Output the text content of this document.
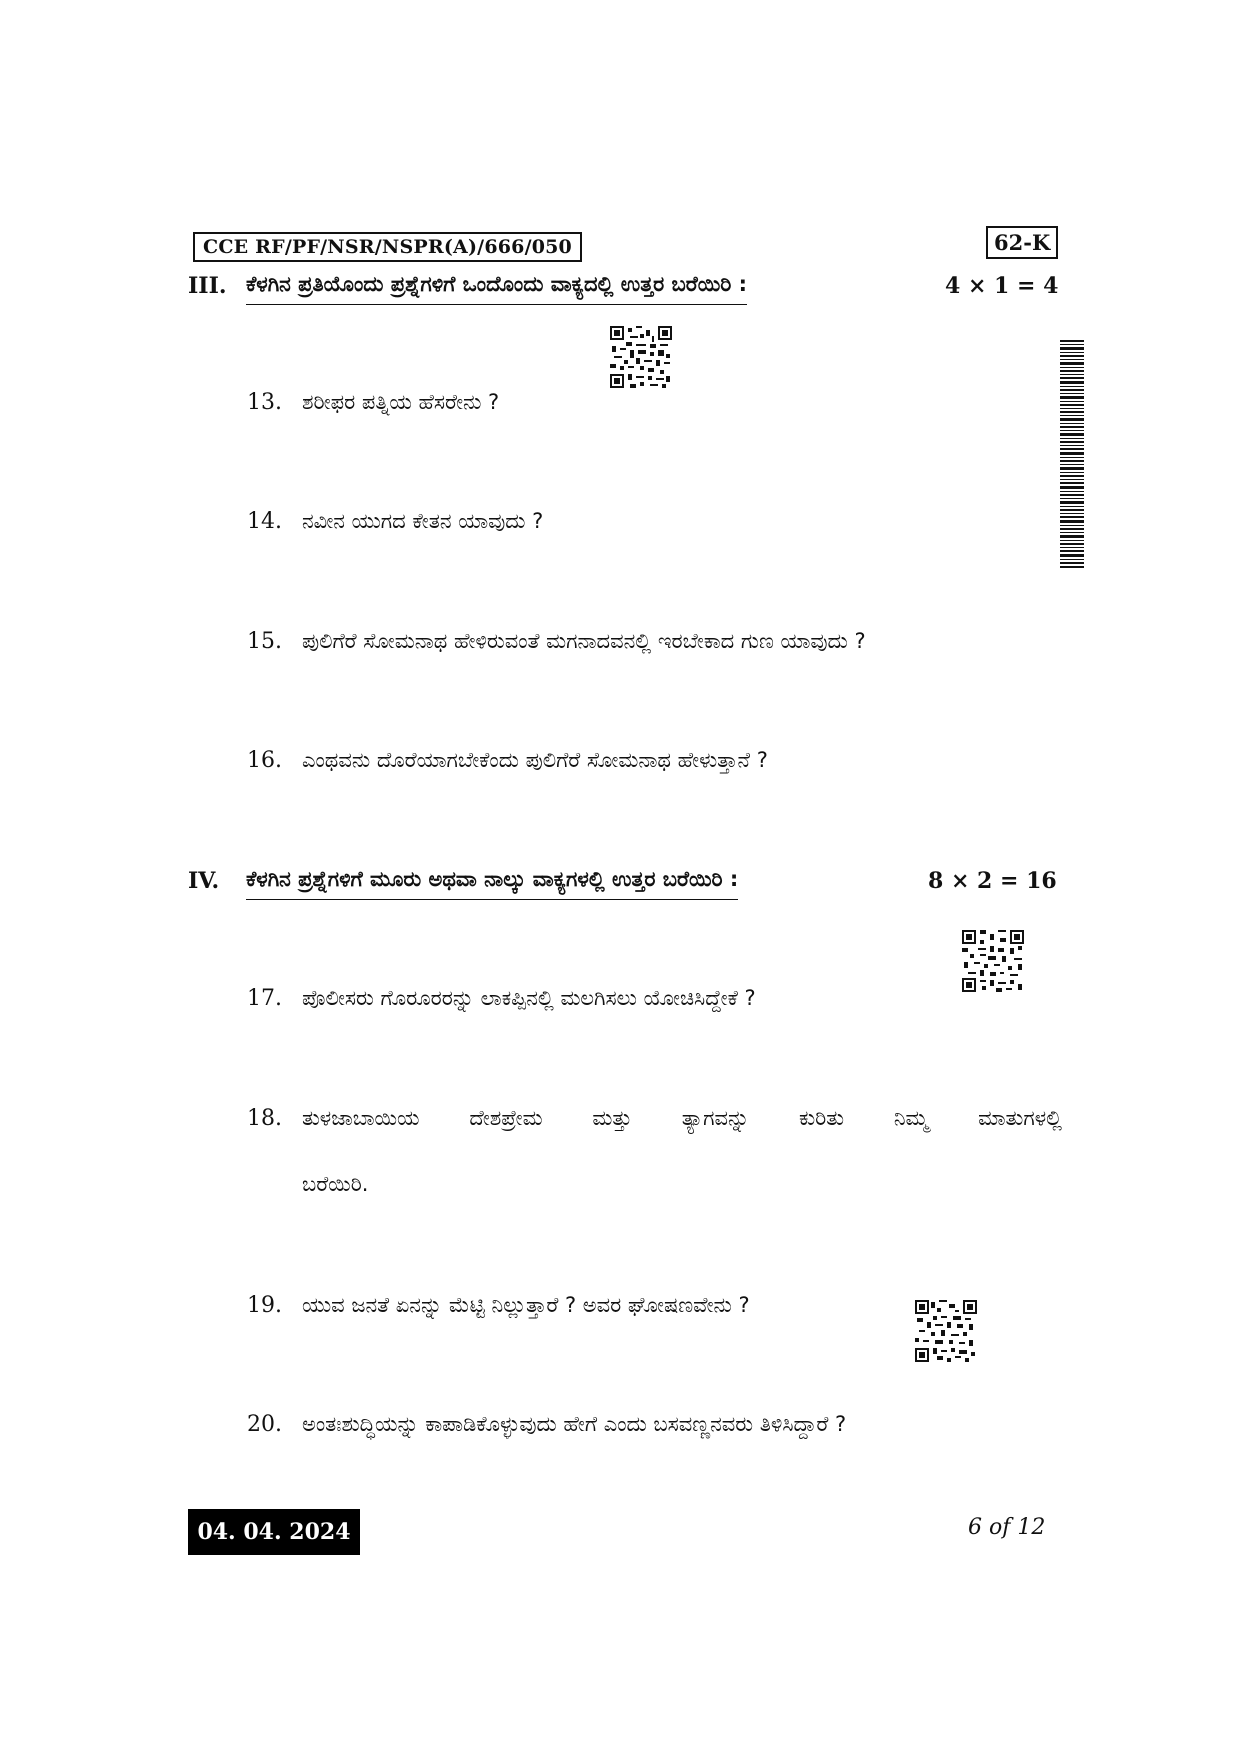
CCE RF/PF/NSR/NSPR(A)/666/050	62-K
III. ಕೆಳಗಿನ ಪ್ರತಿಯೊಂದು ಪ್ರಶ್ನೆಗಳಿಗೆ ಒಂದೊಂದು ವಾಕ್ಯದಲ್ಲಿ ಉತ್ತರ ಬರೆಯಿರಿ :	4 × 1 = 4
13. ಶರೀಫರ ಪತ್ನಿಯ ಹೆಸರೇನು ?
14. ನವೀನ ಯುಗದ ಕೇತನ ಯಾವುದು ?
15. ಪುಲಿಗೆರೆ ಸೋಮನಾಥ ಹೇಳಿರುವಂತೆ ಮಗನಾದವನಲ್ಲಿ ಇರಬೇಕಾದ ಗುಣ ಯಾವುದು ?
16. ಎಂಥವನು ದೊರೆಯಾಗಬೇಕೆಂದು ಪುಲಿಗೆರೆ ಸೋಮನಾಥ ಹೇಳುತ್ತಾನೆ ?
IV. ಕೆಳಗಿನ ಪ್ರಶ್ನೆಗಳಿಗೆ ಮೂರು ಅಥವಾ ನಾಲ್ಕು ವಾಕ್ಯಗಳಲ್ಲಿ ಉತ್ತರ ಬರೆಯಿರಿ :	8 × 2 = 16
17. ಪೊಲೀಸರು ಗೊರೂರರನ್ನು ಲಾಕಪ್ಪಿನಲ್ಲಿ ಮಲಗಿಸಲು ಯೋಚಿಸಿದ್ದೇಕೆ ?
18. ತುಳಜಾಬಾಯಿಯ ದೇಶಪ್ರೇಮ ಮತ್ತು ತ್ಯಾಗವನ್ನು ಕುರಿತು ನಿಮ್ಮ ಮಾತುಗಳಲ್ಲಿ
ಬರೆಯಿರಿ.
19. ಯುವ ಜನತೆ ಏನನ್ನು ಮೆಟ್ಟಿ ನಿಲ್ಲುತ್ತಾರೆ ? ಅವರ ಘೋಷಣವೇನು ?
20. ಅಂತಃಶುದ್ಧಿಯನ್ನು ಕಾಪಾಡಿಕೊಳ್ಳುವುದು ಹೇಗೆ ಎಂದು ಬಸವಣ್ಣನವರು ತಿಳಿಸಿದ್ದಾರೆ ?
04. 04. 2024	6 of 12
